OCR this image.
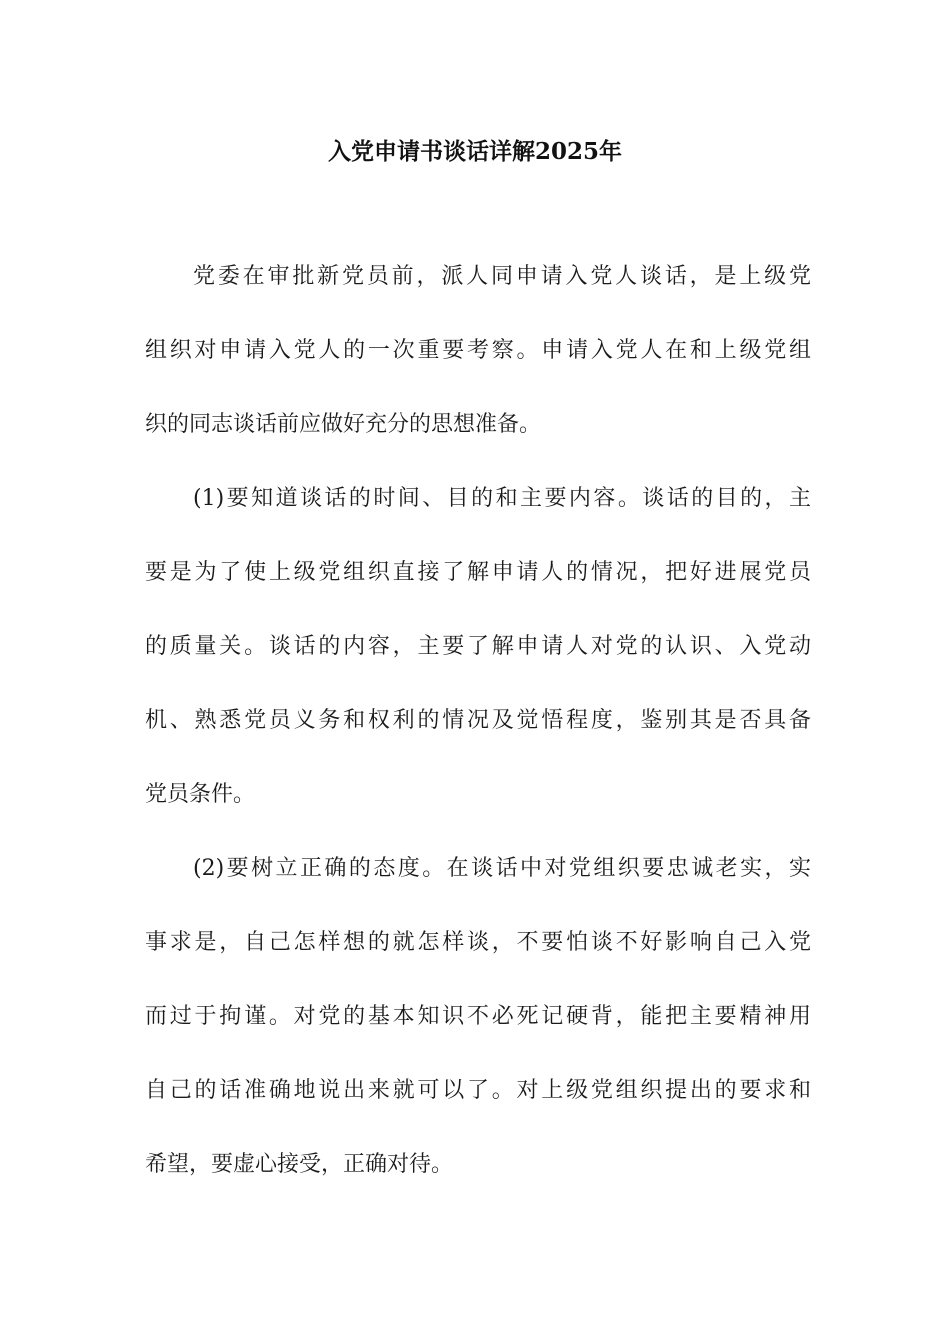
入党申请书谈话详解2025年
党委在审批新党员前，派人同申请入党人谈话，是上级党
组织对申请入党人的一次重要考察。申请入党人在和上级党组
织的同志谈话前应做好充分的思想准备。
(1)要知道谈话的时间、目的和主要内容。谈话的目的，主
要是为了使上级党组织直接了解申请人的情况，把好进展党员
的质量关。谈话的内容，主要了解申请人对党的认识、入党动
机、熟悉党员义务和权利的情况及觉悟程度，鉴别其是否具备
党员条件。
(2)要树立正确的态度。在谈话中对党组织要忠诚老实，实
事求是，自己怎样想的就怎样谈，不要怕谈不好影响自己入党
而过于拘谨。对党的基本知识不必死记硬背，能把主要精神用
自己的话准确地说出来就可以了。对上级党组织提出的要求和
希望，要虚心接受，正确对待。
